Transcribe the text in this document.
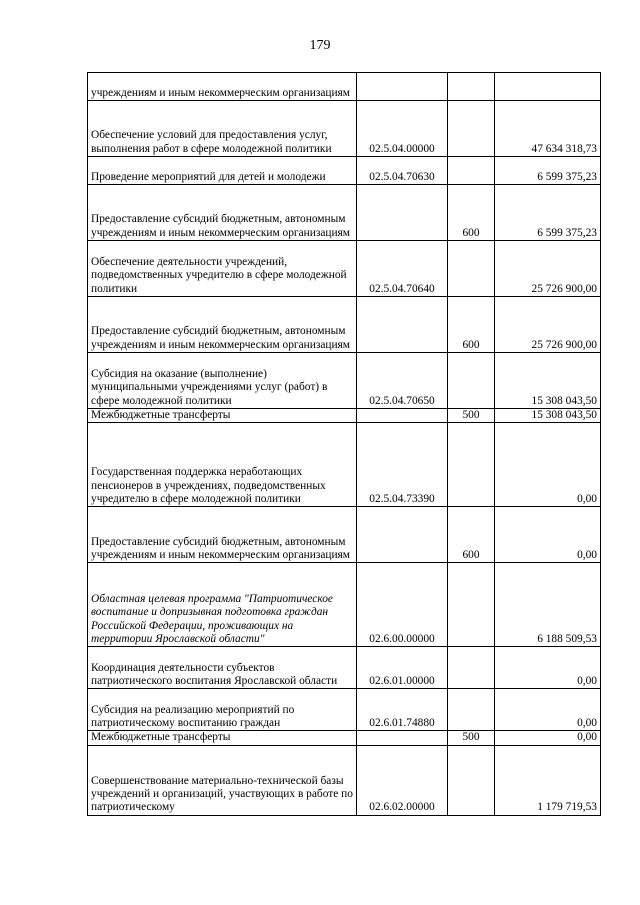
179
учреждениям и иным некоммерческим организациям			
Обеспечение условий для предоставления услуг, выполнения работ в сфере молодежной политики	02.5.04.00000		47 634 318,73
Проведение мероприятий для детей и молодежи	02.5.04.70630		6 599 375,23
Предоставление субсидий бюджетным, автономным учреждениям и иным некоммерческим организациям		600	6 599 375,23
Обеспечение деятельности учреждений, подведомственных учредителю в сфере молодежной политики	02.5.04.70640		25 726 900,00
Предоставление субсидий бюджетным, автономным учреждениям и иным некоммерческим организациям		600	25 726 900,00
Субсидия на оказание (выполнение) муниципальными учреждениями услуг (работ) в сфере молодежной политики	02.5.04.70650		15 308 043,50
Межбюджетные трансферты		500	15 308 043,50
Государственная поддержка неработающих пенсионеров в учреждениях, подведомственных учредителю в сфере молодежной политики	02.5.04.73390		0,00
Предоставление субсидий бюджетным, автономным учреждениям и иным некоммерческим организациям		600	0,00
Областная целевая программа "Патриотическое воспитание и допризывная подготовка граждан Российской Федерации, проживающих на территории Ярославской области"	02.6.00.00000		6 188 509,53
Координация деятельности субъектов патриотического воспитания Ярославской области	02.6.01.00000		0,00
Субсидия на реализацию мероприятий по патриотическому воспитанию граждан	02.6.01.74880		0,00
Межбюджетные трансферты		500	0,00
Совершенствование материально-технической базы учреждений и организаций, участвующих в работе по патриотическому	02.6.02.00000		1 179 719,53
